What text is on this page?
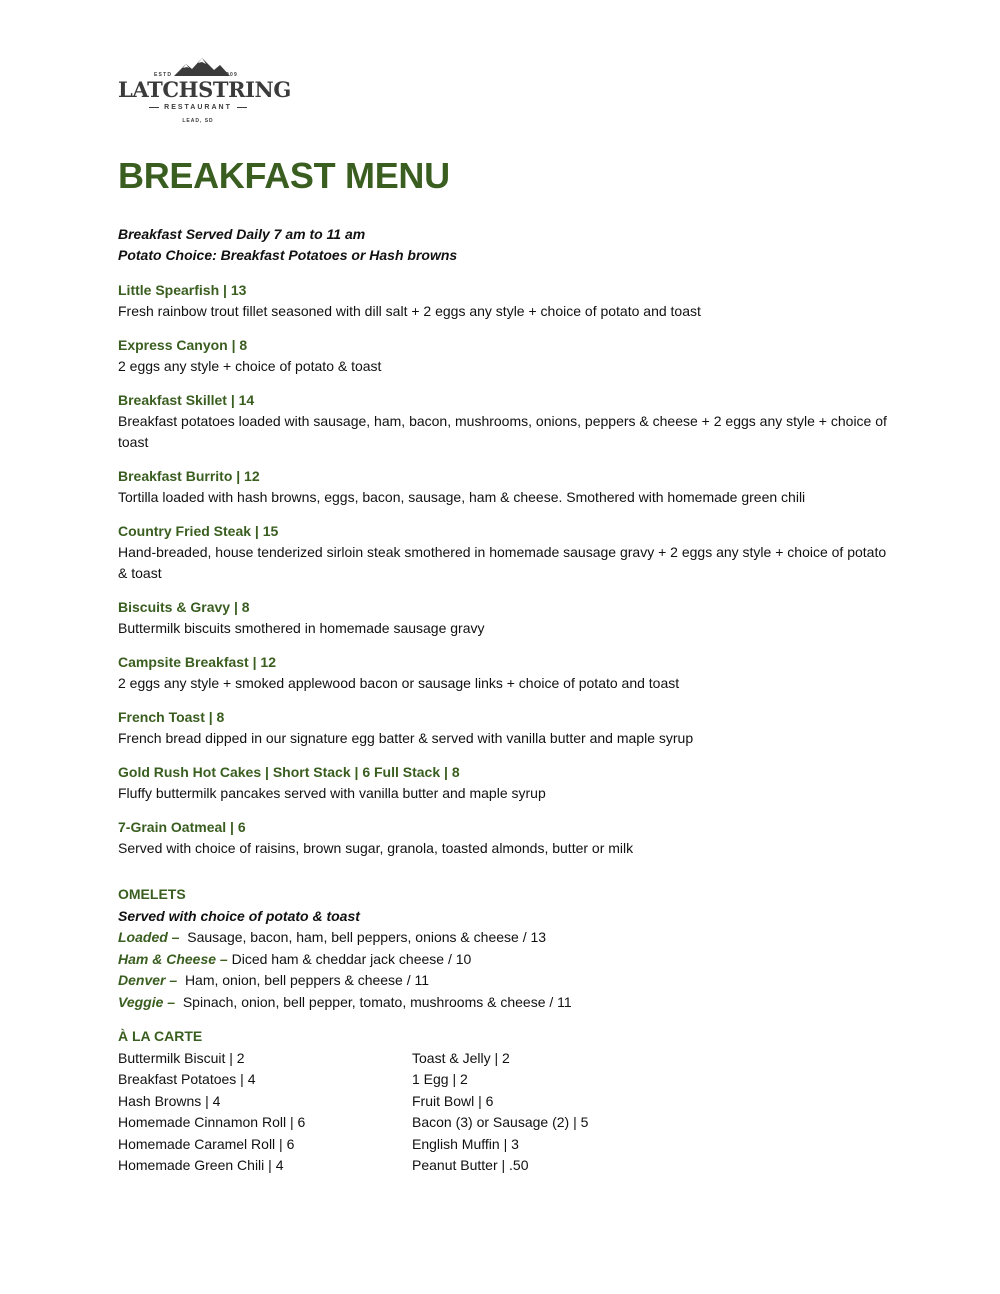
ESTD	1909
LATCHSTRING
RESTAURANT
LEAD, SD
BREAKFAST MENU
Breakfast Served Daily 7 am to 11 am
Potato Choice: Breakfast Potatoes or Hash browns
Little Spearfish | 13
Fresh rainbow trout fillet seasoned with dill salt + 2 eggs any style + choice of potato and toast
Express Canyon | 8
2 eggs any style + choice of potato & toast
Breakfast Skillet | 14
Breakfast potatoes loaded with sausage, ham, bacon, mushrooms, onions, peppers & cheese + 2 eggs any style + choice of toast
Breakfast Burrito | 12
Tortilla loaded with hash browns, eggs, bacon, sausage, ham & cheese. Smothered with homemade green chili
Country Fried Steak | 15
Hand-breaded, house tenderized sirloin steak smothered in homemade sausage gravy + 2 eggs any style + choice of potato & toast
Biscuits & Gravy | 8
Buttermilk biscuits smothered in homemade sausage gravy
Campsite Breakfast | 12
2 eggs any style + smoked applewood bacon or sausage links + choice of potato and toast
French Toast | 8
French bread dipped in our signature egg batter & served with vanilla butter and maple syrup
Gold Rush Hot Cakes | Short Stack | 6 Full Stack | 8
Fluffy buttermilk pancakes served with vanilla butter and maple syrup
7-Grain Oatmeal | 6
Served with choice of raisins, brown sugar, granola, toasted almonds, butter or milk
OMELETS
Served with choice of potato & toast
Loaded – Sausage, bacon, ham, bell peppers, onions & cheese / 13
Ham & Cheese – Diced ham & cheddar jack cheese / 10
Denver – Ham, onion, bell peppers & cheese / 11
Veggie – Spinach, onion, bell pepper, tomato, mushrooms & cheese / 11
À LA CARTE
Buttermilk Biscuit | 2
Breakfast Potatoes | 4
Hash Browns | 4
Homemade Cinnamon Roll | 6
Homemade Caramel Roll | 6
Homemade Green Chili | 4
Toast & Jelly | 2
1 Egg | 2
Fruit Bowl | 6
Bacon (3) or Sausage (2) | 5
English Muffin | 3
Peanut Butter | .50
